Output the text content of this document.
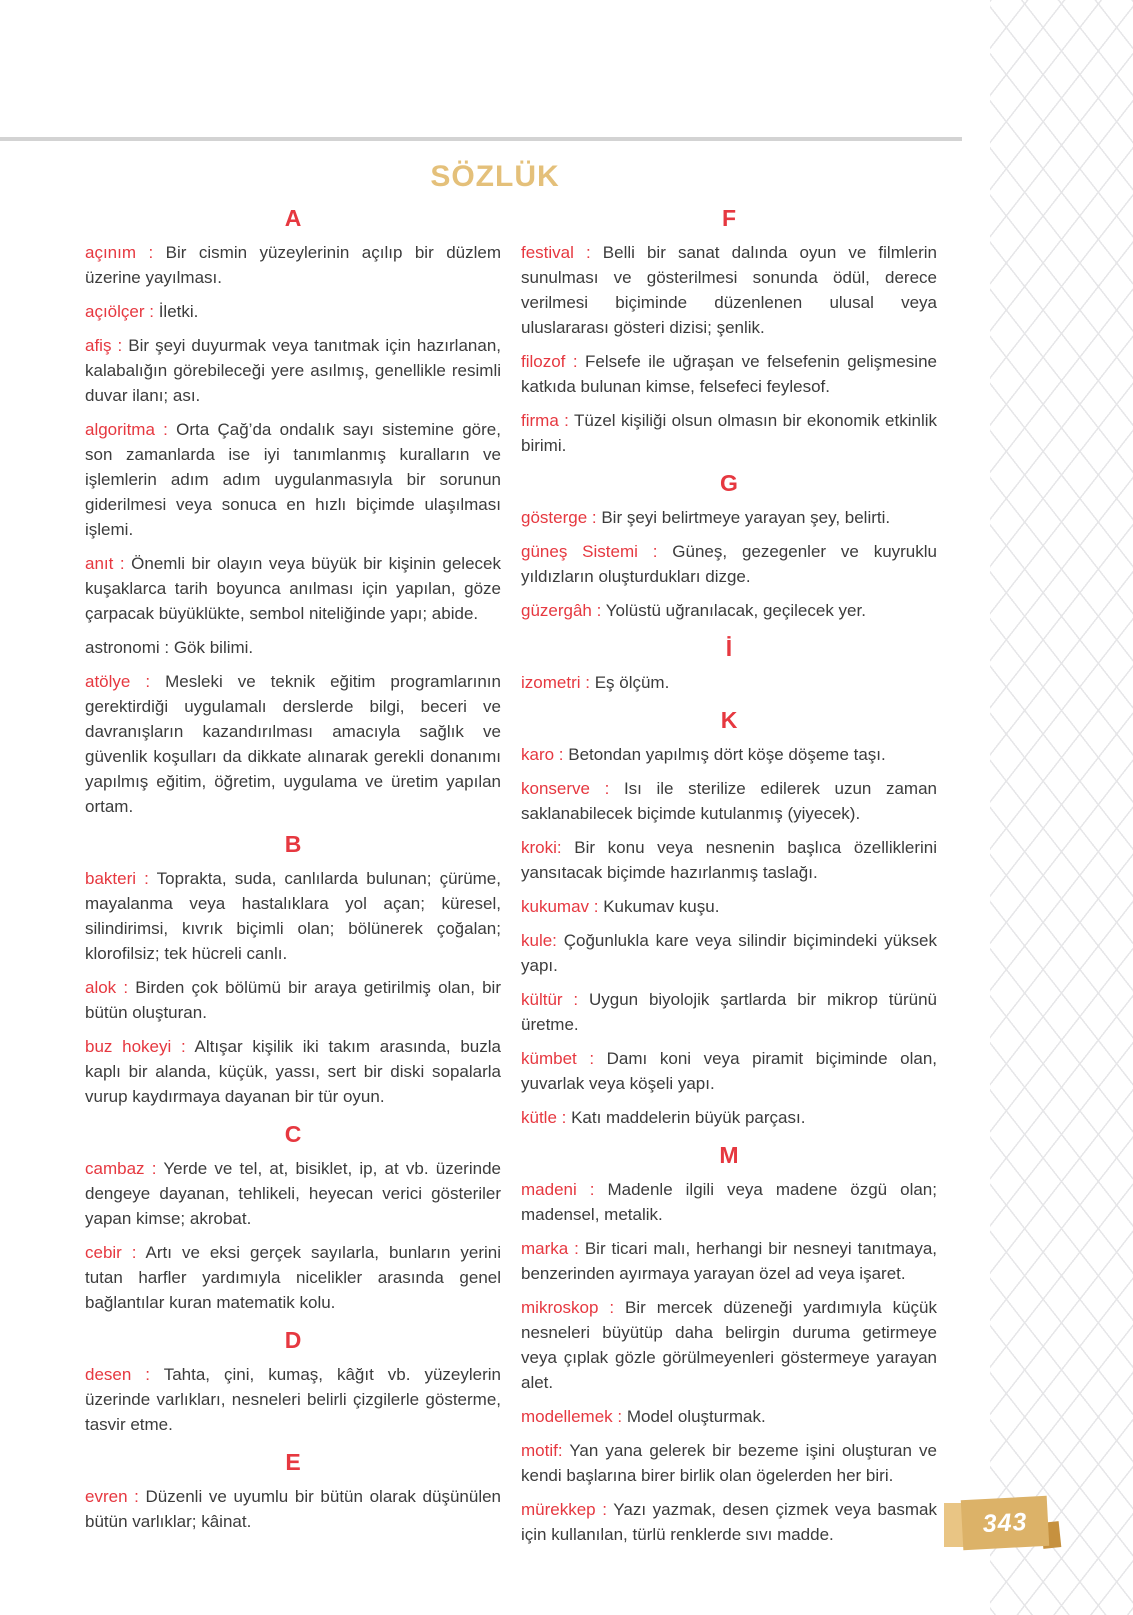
SÖZLÜK
A

açınım : Bir cismin yüzeylerinin açılıp bir düzlem üzerine yayılması.

açıölçer : İletki.

afiş : Bir şeyi duyurmak veya tanıtmak için hazırlanan, kalabalığın görebileceği yere asılmış, genellikle resimli duvar ilanı; ası.

algoritma : Orta Çağ’da ondalık sayı sistemine göre, son zamanlarda ise iyi tanımlanmış kuralların ve işlemlerin adım adım uygulanmasıyla bir sorunun giderilmesi veya sonuca en hızlı biçimde ulaşılması işlemi.

anıt : Önemli bir olayın veya büyük bir kişinin gelecek kuşaklarca tarih boyunca anılması için yapılan, göze çarpacak büyüklükte, sembol niteliğinde yapı; abide.

astronomi : Gök bilimi.

atölye : Mesleki ve teknik eğitim programlarının gerektirdiği uygulamalı derslerde bilgi, beceri ve davranışların kazandırılması amacıyla sağlık ve güvenlik koşulları da dikkate alınarak gerekli donanımı yapılmış eğitim, öğretim, uygulama ve üretim yapılan ortam.

B

bakteri : Toprakta, suda, canlılarda bulunan; çürüme, mayalanma veya hastalıklara yol açan; küresel, silindirimsi, kıvrık biçimli olan; bölünerek çoğalan; klorofilsiz; tek hücreli canlı.

alok : Birden çok bölümü bir araya getirilmiş olan, bir bütün oluşturan.

buz hokeyi : Altışar kişilik iki takım arasında, buzla kaplı bir alanda, küçük, yassı, sert bir diski sopalarla vurup kaydırmaya dayanan bir tür oyun.

C

cambaz : Yerde ve tel, at, bisiklet, ip, at vb. üzerinde dengeye dayanan, tehlikeli, heyecan verici gösteriler yapan kimse; akrobat.

cebir : Artı ve eksi gerçek sayılarla, bunların yerini tutan harfler yardımıyla nicelikler arasında genel bağlantılar kuran matematik kolu.

D

desen : Tahta, çini, kumaş, kâğıt vb. yüzeylerin üzerinde varlıkları, nesneleri belirli çizgilerle gösterme, tasvir etme.

E

evren : Düzenli ve uyumlu bir bütün olarak düşünülen bütün varlıklar; kâinat.

F

festival : Belli bir sanat dalında oyun ve filmlerin sunulması ve gösterilmesi sonunda ödül, derece verilmesi biçiminde düzenlenen ulusal veya uluslararası gösteri dizisi; şenlik.

filozof : Felsefe ile uğraşan ve felsefenin gelişmesine katkıda bulunan kimse, felsefeci feylesof.

firma : Tüzel kişiliği olsun olmasın bir ekonomik etkinlik birimi.

G

gösterge : Bir şeyi belirtmeye yarayan şey, belirti.

güneş Sistemi : Güneş, gezegenler ve kuyruklu yıldızların oluşturdukları dizge.

güzergâh : Yolüstü uğranılacak, geçilecek yer.

İ

izometri : Eş ölçüm.

K

karo : Betondan yapılmış dört köşe döşeme taşı.

konserve : Isı ile sterilize edilerek uzun zaman saklanabilecek biçimde kutulanmış (yiyecek).

kroki: Bir konu veya nesnenin başlıca özelliklerini yansıtacak biçimde hazırlanmış taslağı.

kukumav : Kukumav kuşu.

kule: Çoğunlukla kare veya silindir biçimindeki yüksek yapı.

kültür : Uygun biyolojik şartlarda bir mikrop türünü üretme.

kümbet : Damı koni veya piramit biçiminde olan, yuvarlak veya köşeli yapı.

kütle : Katı maddelerin büyük parçası.

M

madeni : Madenle ilgili veya madene özgü olan; madensel, metalik.

marka : Bir ticari malı, herhangi bir nesneyi tanıtmaya, benzerinden ayırmaya yarayan özel ad veya işaret.

mikroskop : Bir mercek düzeneği yardımıyla küçük nesneleri büyütüp daha belirgin duruma getirmeye veya çıplak gözle görülmeyenleri göstermeye yarayan alet.

modellemek : Model oluşturmak.

motif: Yan yana gelerek bir bezeme işini oluşturan ve kendi başlarına birer birlik olan ögelerden her biri.

mürekkep : Yazı yazmak, desen çizmek veya basmak için kullanılan, türlü renklerde sıvı madde.	343
